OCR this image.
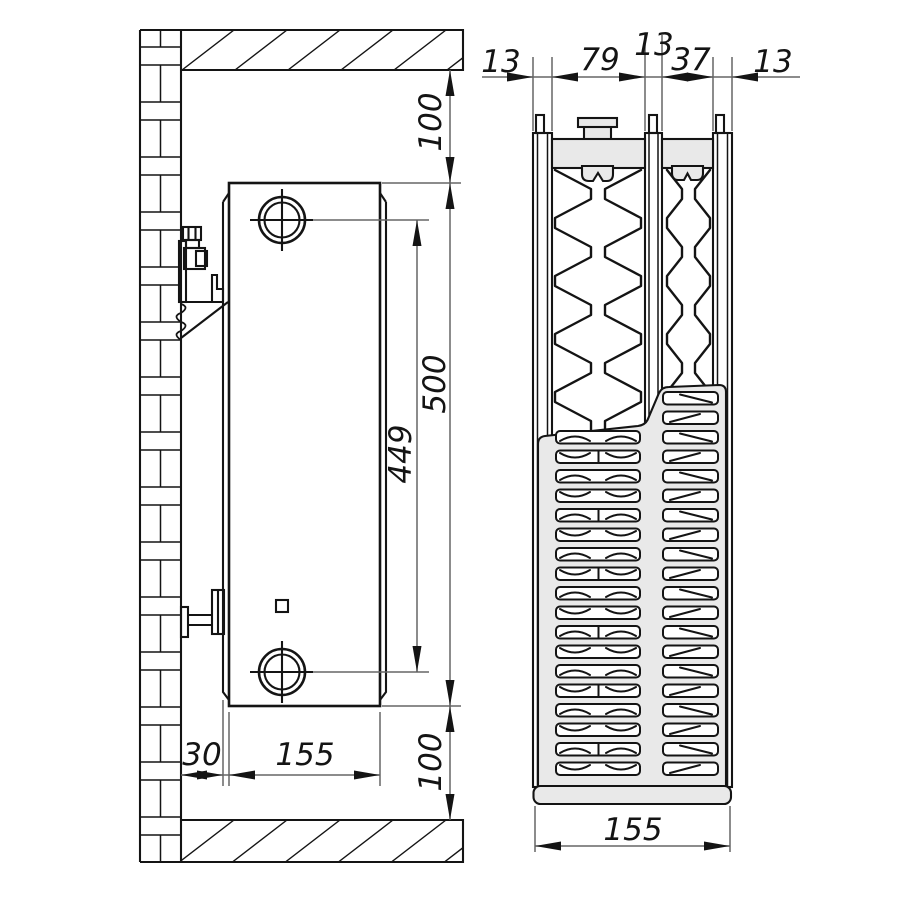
100
500
449
100
30 155
13 79 13
37 13
155
